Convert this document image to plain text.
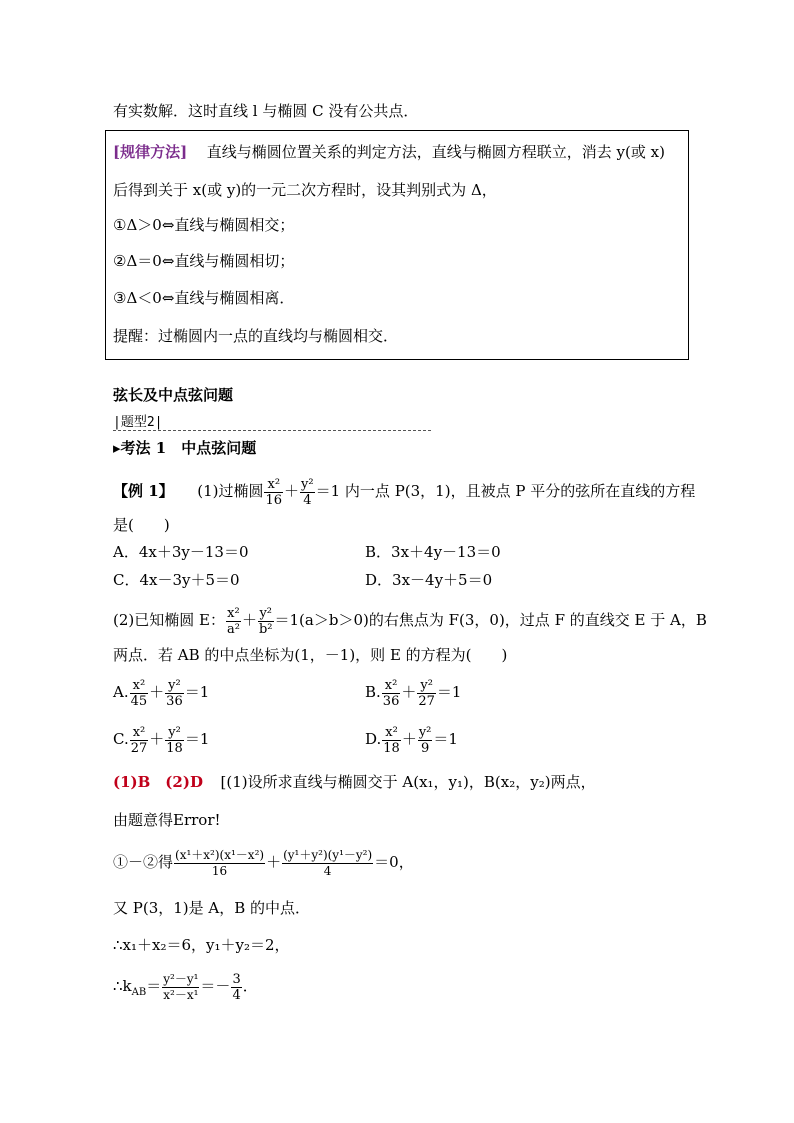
有实数解．这时直线 l 与椭圆 C 没有公共点．
[规律方法] 直线与椭圆位置关系的判定方法，直线与椭圆方程联立，消去 y(或 x)
后得到关于 x(或 y)的一元二次方程时，设其判别式为 Δ，
①Δ＞0⇔直线与椭圆相交；
②Δ＝0⇔直线与椭圆相切；
③Δ＜0⇔直线与椭圆相离．
提醒：过椭圆内一点的直线均与椭圆相交．
弦长及中点弦问题
|题型2|
▸考法 1　中点弦问题
【例 1】 (1)过椭圆 $\frac{\text{x²}}{16} + \frac{\text{y²}}{4} =1$ 内一点 P(3，1)，且被点 P 平分的弦所在直线的方程
是(　　)
A．4x＋3y－13＝0	B．3x＋4y－13＝0
C．4x－3y＋5＝0	D．3x－4y＋5＝0
(2)已知椭圆 E： $\frac{\text{x²}}{\text{a²}} + \frac{\text{y²}}{\text{b²}} =1(a>b>0)$的右焦点为 F(3，0)，过点 F 的直线交 E 于 A，B
两点．若 AB 的中点坐标为(1，－1)，则 E 的方程为(　　)
A. $\frac{\text{x²}}{45} + \frac{\text{y²}}{36} =1$	B. $\frac{\text{x²}}{36} + \frac{\text{y²}}{27} =1$
C. $\frac{\text{x²}}{27} + \frac{\text{y²}}{18} =1$	D. $\frac{\text{x²}}{18} + \frac{\text{y²}}{9} =1$
(1)B　(2)D [(1)设所求直线与椭圆交于 A(x₁，y₁)，B(x₂，y₂)两点，
由题意得Error!
①－②得 $\frac{\text{(x¹＋x²)(x¹－x²)}}{16} + \frac{\text{(y¹＋y²)(y¹－y²)}}{4} =0$，
又 P(3，1)是 A，B 的中点．
∴x₁＋x₂＝6，y₁＋y₂＝2，
$\therefore k_{AB}= \frac{\text{y²－y¹}}{\text{x²－x¹}} =- \frac{3}{4}$ ．
